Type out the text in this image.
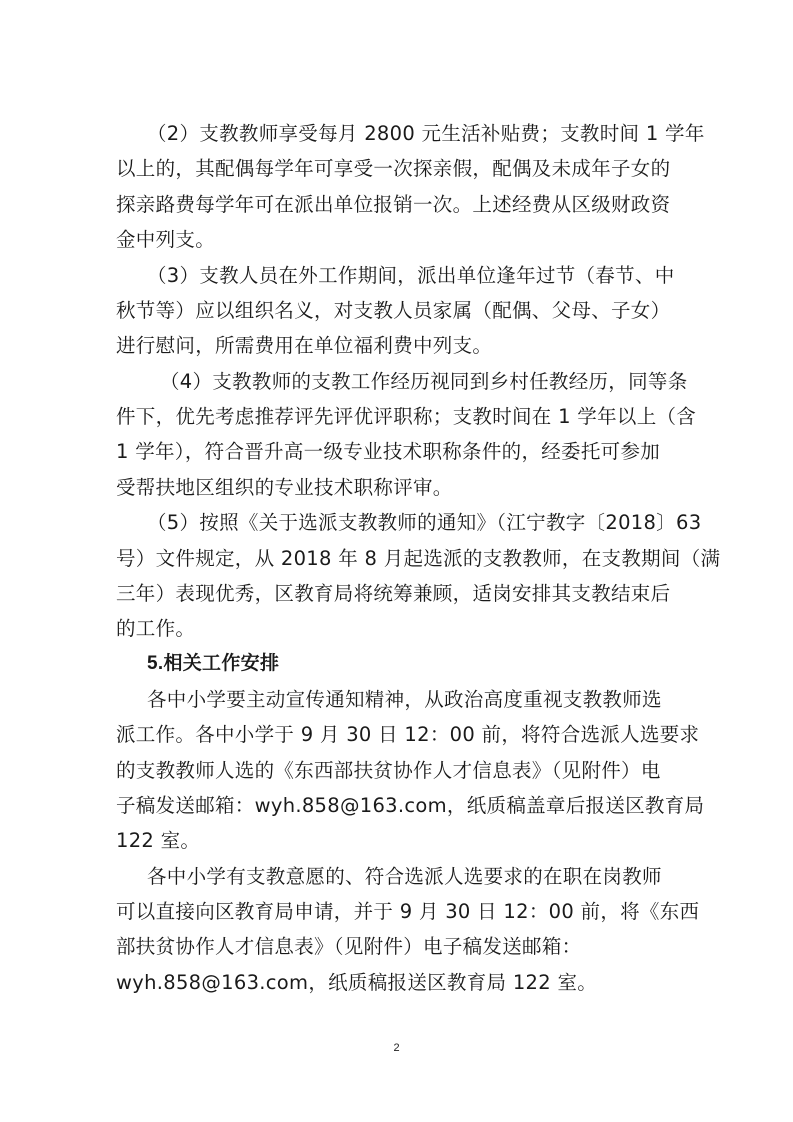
（2）支教教师享受每月 2800 元生活补贴费；支教时间 1 学年
以上的，其配偶每学年可享受一次探亲假，配偶及未成年子女的
探亲路费每学年可在派出单位报销一次。上述经费从区级财政资
金中列支。
（3）支教人员在外工作期间，派出单位逢年过节（春节、中
秋节等）应以组织名义，对支教人员家属（配偶、父母、子女）
进行慰问，所需费用在单位福利费中列支。
（4）支教教师的支教工作经历视同到乡村任教经历，同等条
件下，优先考虑推荐评先评优评职称；支教时间在 1 学年以上（含
1 学年），符合晋升高一级专业技术职称条件的，经委托可参加
受帮扶地区组织的专业技术职称评审。
（5）按照《关于选派支教教师的通知》（江宁教字〔2018〕63
号）文件规定，从 2018 年 8 月起选派的支教教师，在支教期间（满
三年）表现优秀，区教育局将统筹兼顾，适岗安排其支教结束后
的工作。
5.相关工作安排
各中小学要主动宣传通知精神，从政治高度重视支教教师选
派工作。各中小学于 9 月 30 日 12：00 前，将符合选派人选要求
的支教教师人选的《东西部扶贫协作人才信息表》（见附件）电
子稿发送邮箱：wyh.858@163.com，纸质稿盖章后报送区教育局
122 室。
各中小学有支教意愿的、符合选派人选要求的在职在岗教师
可以直接向区教育局申请，并于 9 月 30 日 12：00 前，将《东西
部扶贫协作人才信息表》（见附件）电子稿发送邮箱：
wyh.858@163.com，纸质稿报送区教育局 122 室。
2
